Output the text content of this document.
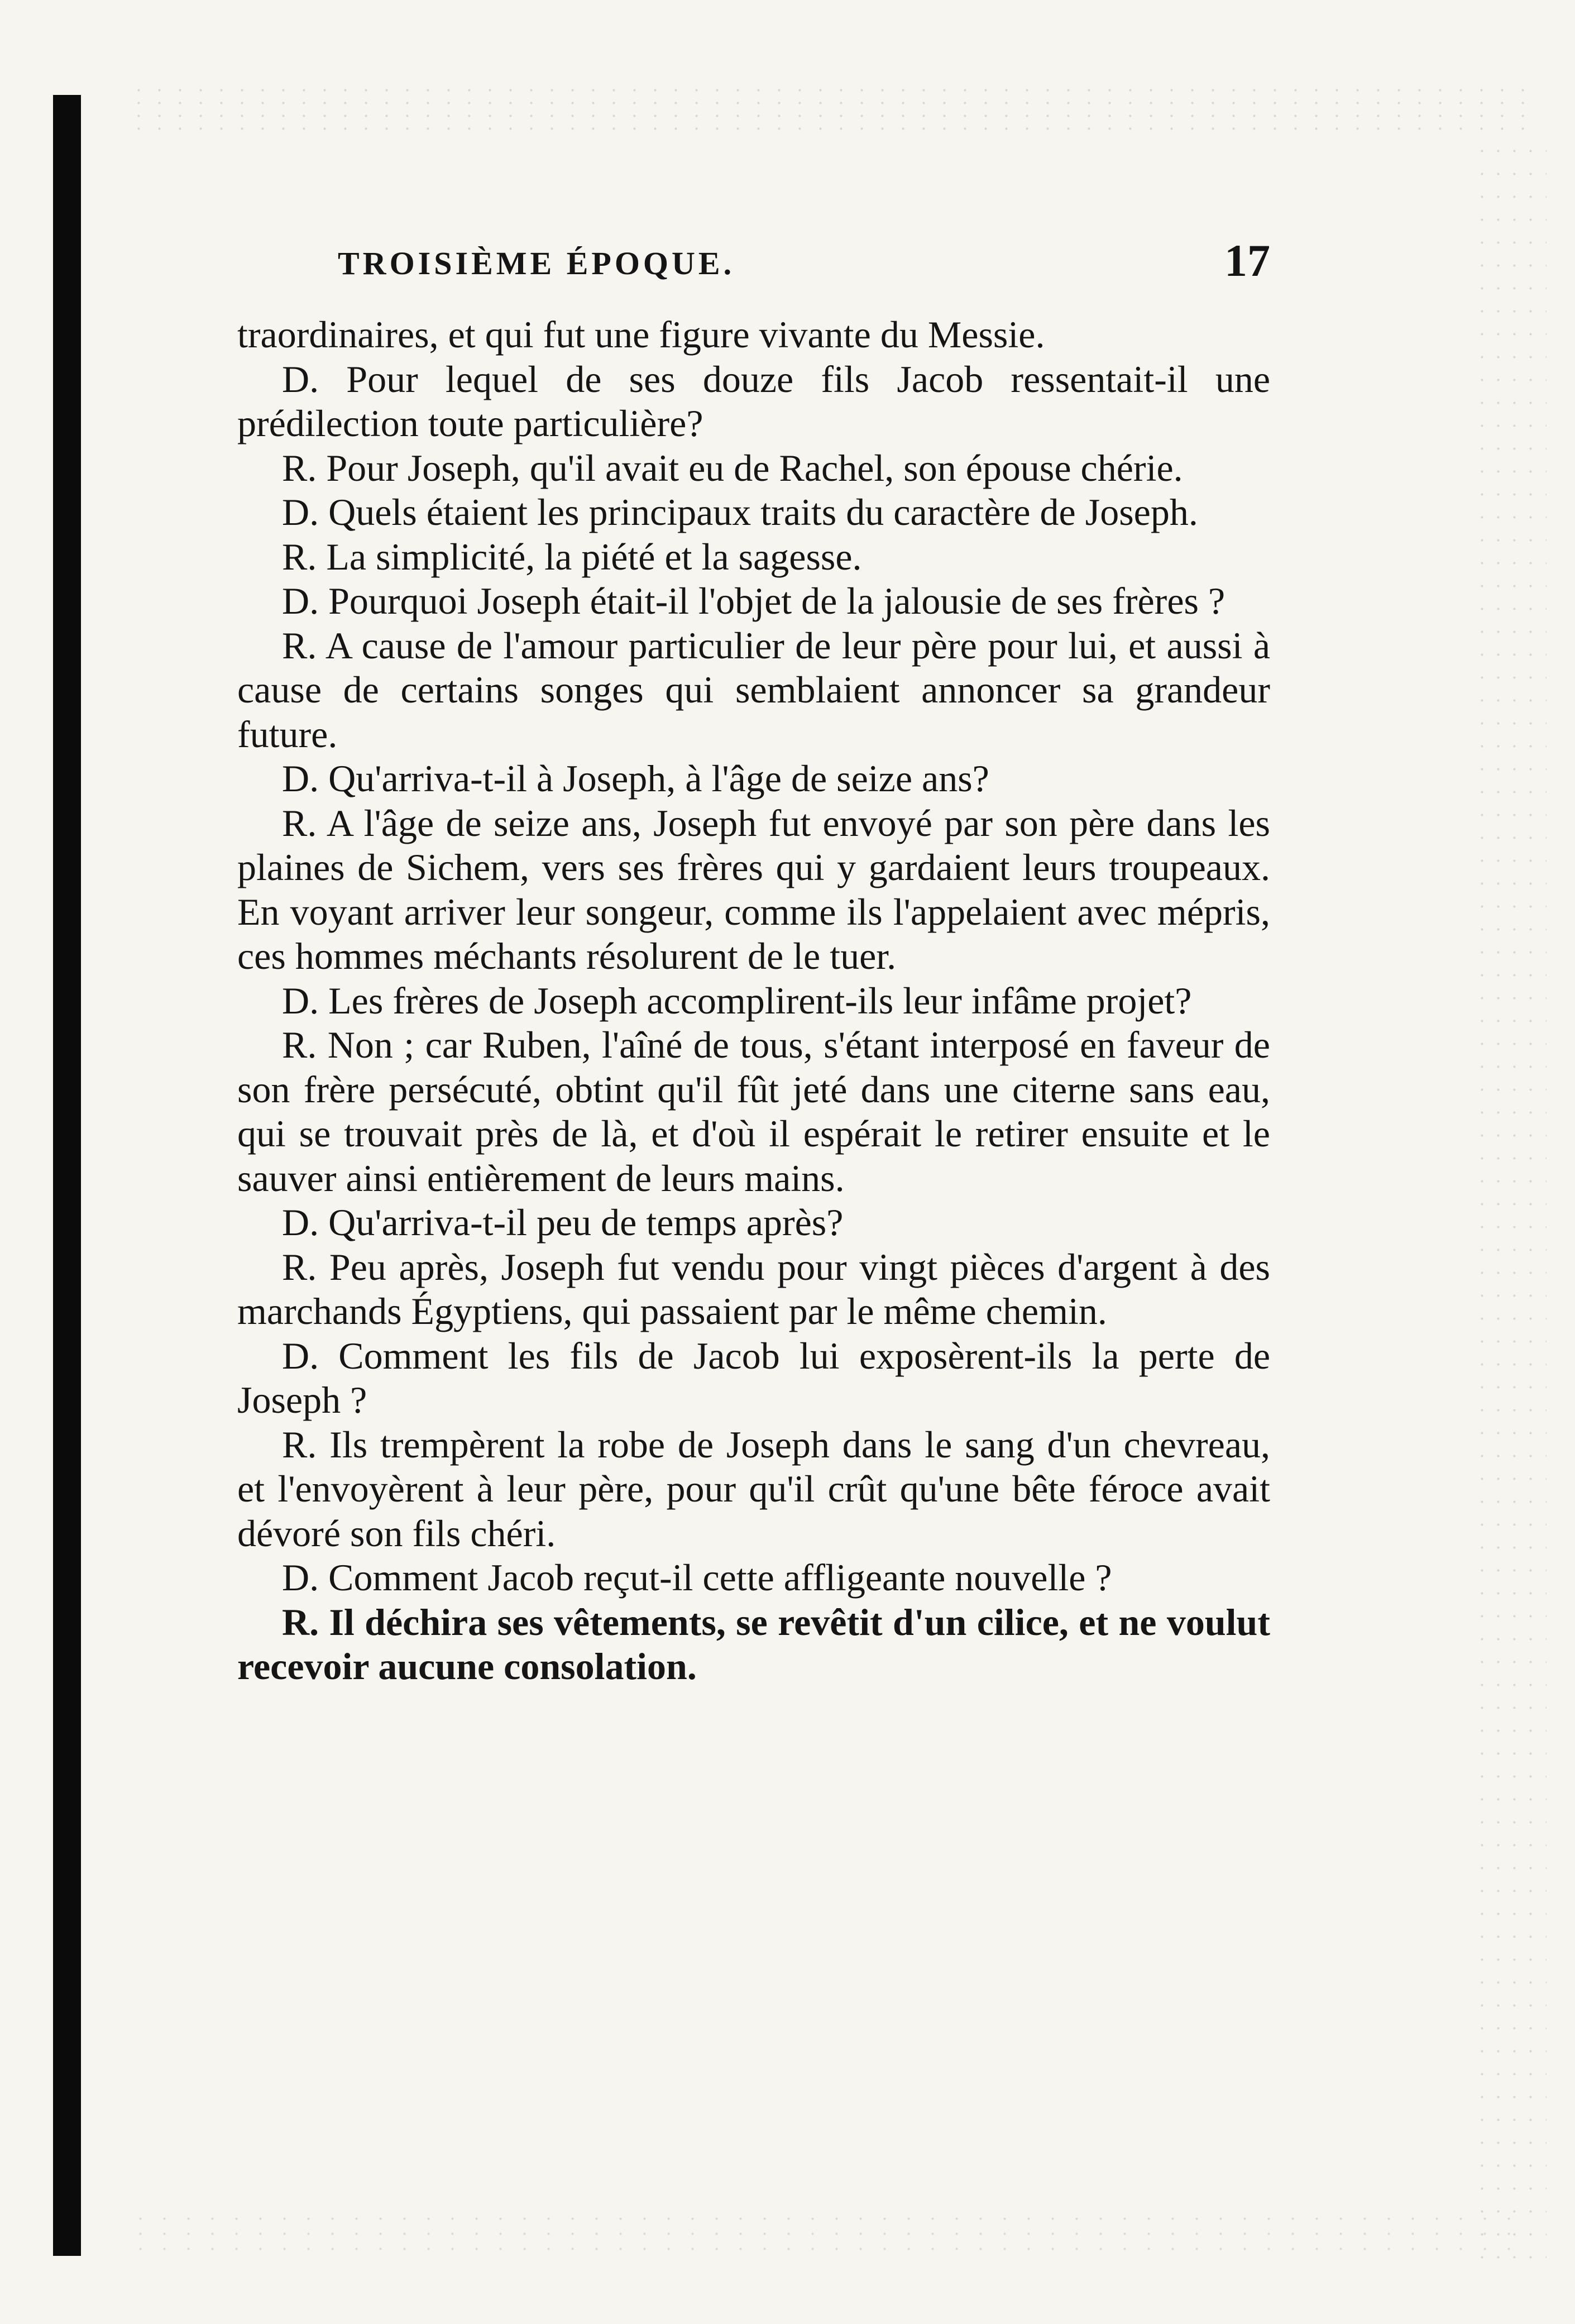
TROISIÈME ÉPOQUE.	17

traordinaires, et qui fut une figure vivante du Messie.

D. Pour lequel de ses douze fils Jacob ressentait-il une prédilection toute particulière?

R. Pour Joseph, qu'il avait eu de Rachel, son épouse chérie.

D. Quels étaient les principaux traits du caractère de Joseph.

R. La simplicité, la piété et la sagesse.

D. Pourquoi Joseph était-il l'objet de la jalousie de ses frères ?

R. A cause de l'amour particulier de leur père pour lui, et aussi à cause de certains songes qui semblaient annoncer sa grandeur future.

D. Qu'arriva-t-il à Joseph, à l'âge de seize ans?

R. A l'âge de seize ans, Joseph fut envoyé par son père dans les plaines de Sichem, vers ses frères qui y gardaient leurs troupeaux. En voyant arriver leur songeur, comme ils l'appelaient avec mépris, ces hommes méchants résolurent de le tuer.

D. Les frères de Joseph accomplirent-ils leur infâme projet?

R. Non ; car Ruben, l'aîné de tous, s'étant interposé en faveur de son frère persécuté, obtint qu'il fût jeté dans une citerne sans eau, qui se trouvait près de là, et d'où il espérait le retirer ensuite et le sauver ainsi entièrement de leurs mains.

D. Qu'arriva-t-il peu de temps après?

R. Peu après, Joseph fut vendu pour vingt pièces d'argent à des marchands Égyptiens, qui passaient par le même chemin.

D. Comment les fils de Jacob lui exposèrent-ils la perte de Joseph ?

R. Ils trempèrent la robe de Joseph dans le sang d'un chevreau, et l'envoyèrent à leur père, pour qu'il crût qu'une bête féroce avait dévoré son fils chéri.

D. Comment Jacob reçut-il cette affligeante nouvelle ?

R. Il déchira ses vêtements, se revêtit d'un cilice, et ne voulut recevoir aucune consolation.
